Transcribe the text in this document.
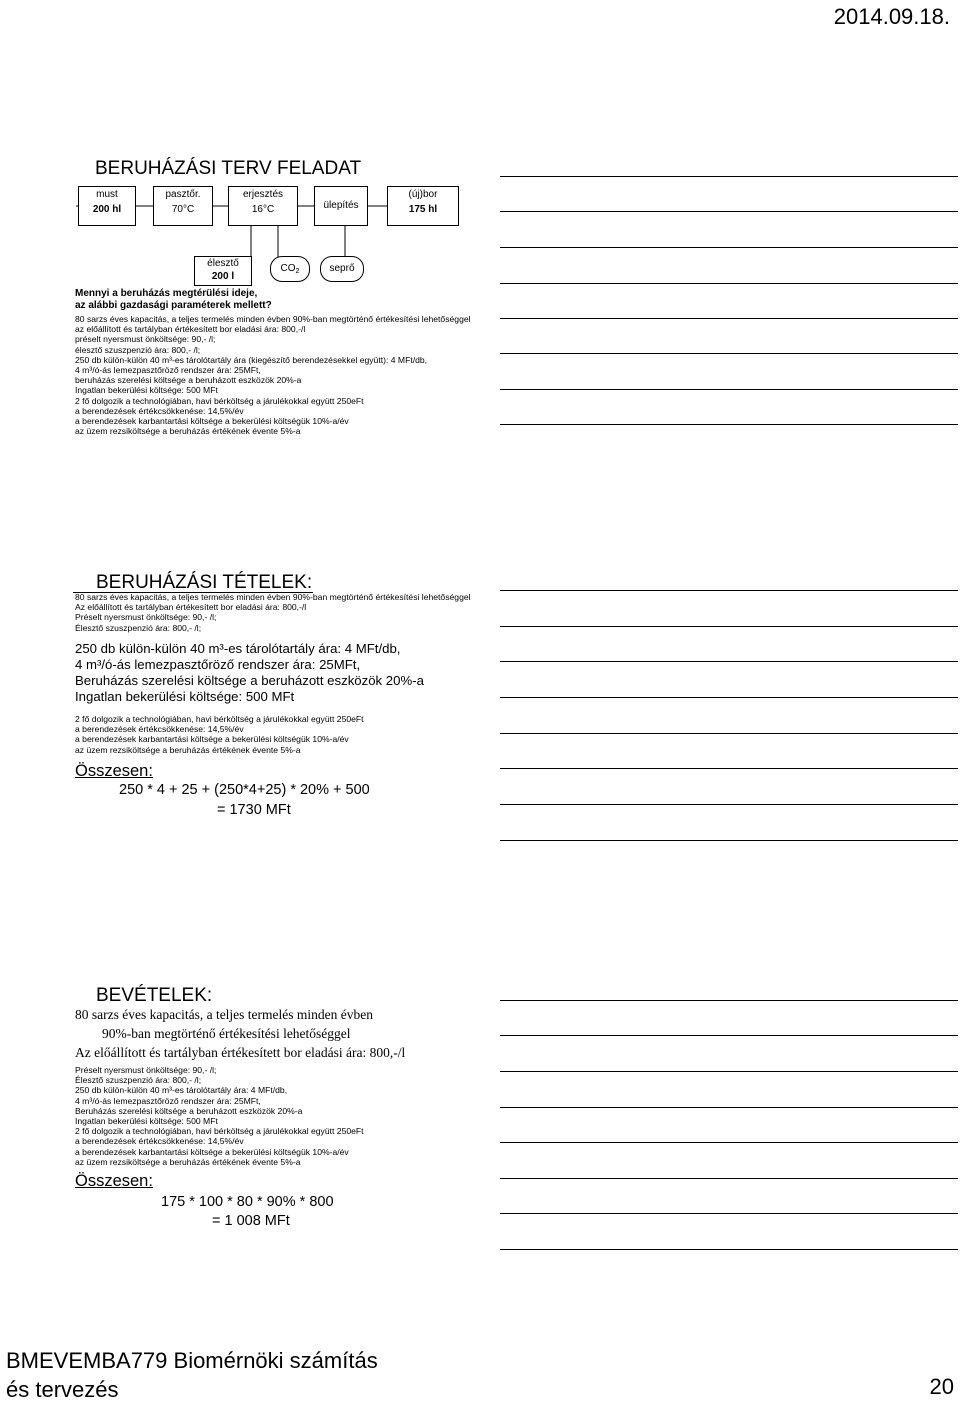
2014.09.18.
BERUHÁZÁSI TERV FELADAT
must
200 hl
pasztőr.
70°C
erjesztés
16°C	ülepítés
(új)bor
175 hl
élesztő
200 l
$CO_2$	seprő
Mennyi a beruházás megtérülési ideje,
az alábbi gazdasági paraméterek mellett?
80 sarzs éves kapacitás, a teljes termelés minden évben 90%-ban megtörténő értékesítési lehetőséggel
az előállított és tartályban értékesített bor eladási ára: 800,-/l
préselt nyersmust önköltsége: 90,- /l;
élesztő szuszpenzió ára: 800,- /l;
250 db külön-külön 40 m³-es tárolótartály ára (kiegészítő berendezésekkel együtt): 4 MFt/db,
4 m³/ó-ás lemezpasztőröző rendszer ára: 25MFt,
beruházás szerelési költsége a beruházott eszközök 20%-a
Ingatlan bekerülési költsége: 500 MFt
2 fő dolgozik a technológiában, havi bérköltség a járulékokkal együtt 250eFt
a berendezések értékcsökkenése: 14,5%/év
a berendezések karbantartási költsége a bekerülési költségük 10%-a/év
az üzem rezsiköltsége a beruházás értékének évente 5%-a
BERUHÁZÁSI TÉTELEK:
80 sarzs éves kapacitás, a teljes termelés minden évben 90%-ban megtörténő értékesítési lehetőséggel
Az előállított és tartályban értékesített bor eladási ára: 800,-/l
Préselt nyersmust önköltsége: 90,- /l;
Élesztő szuszpenzió ára: 800,- /l;
250 db külön-külön 40 m³-es tárolótartály ára: 4 MFt/db,
4 m³/ó-ás lemezpasztőröző rendszer ára: 25MFt,
Beruházás szerelési költsége a beruházott eszközök 20%-a
Ingatlan bekerülési költsége: 500 MFt
2 fő dolgozik a technológiában, havi bérköltség a járulékokkal együtt 250eFt
a berendezések értékcsökkenése: 14,5%/év
a berendezések karbantartási költsége a bekerülési költségük 10%-a/év
az üzem rezsiköltsége a beruházás értékének évente 5%-a
Összesen:
250 * 4 + 25 + (250*4+25) * 20% + 500
= 1730 MFt
BEVÉTELEK:
80 sarzs éves kapacitás, a teljes termelés minden évben
90%-ban megtörténő értékesítési lehetőséggel
Az előállított és tartályban értékesített bor eladási ára: 800,-/l
Préselt nyersmust önköltsége: 90,- /l;
Élesztő szuszpenzió ára: 800,- /l;
250 db külön-külön 40 m³-es tárolótartály ára: 4 MFt/db,
4 m³/ó-ás lemezpasztőröző rendszer ára: 25MFt,
Beruházás szerelési költsége a beruházott eszközök 20%-a
Ingatlan bekerülési költsége: 500 MFt
2 fő dolgozik a technológiában, havi bérköltség a járulékokkal együtt 250eFt
a berendezések értékcsökkenése: 14,5%/év
a berendezések karbantartási költsége a bekerülési költségük 10%-a/év
az üzem rezsiköltsége a beruházás értékének évente 5%-a
Összesen:
175 * 100 * 80 * 90% * 800
= 1 008 MFt
BMEVEMBA779 Biomérnöki számítás
és tervezés	20
